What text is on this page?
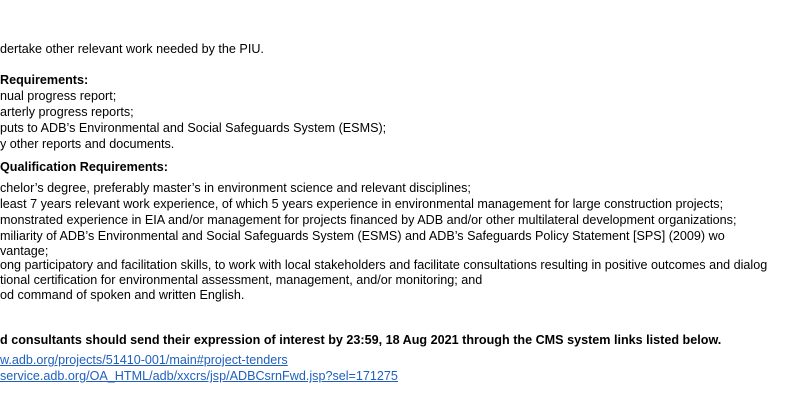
dertake other relevant work needed by the PIU.
Requirements:
nual progress report;
arterly progress reports;
puts to ADB’s Environmental and Social Safeguards System (ESMS);
y other reports and documents.
Qualification Requirements:
chelor’s degree, preferably master’s in environment science and relevant disciplines;
least 7 years relevant work experience, of which 5 years experience in environmental management for large construction projects;
monstrated experience in EIA and/or management for projects financed by ADB and/or other multilateral development organizations;
miliarity of ADB’s Environmental and Social Safeguards System (ESMS) and ADB’s Safeguards Policy Statement [SPS] (2009) wo
vantage;
ong participatory and facilitation skills, to work with local stakeholders and facilitate consultations resulting in positive outcomes and dialog
tional certification for environmental assessment, management, and/or monitoring; and
od command of spoken and written English.
d consultants should send their expression of interest by 23:59, 18 Aug 2021 through the CMS system links listed below.
w.adb.org/projects/51410-001/main#project-tenders
service.adb.org/OA_HTML/adb/xxcrs/jsp/ADBCsrnFwd.jsp?sel=171275
